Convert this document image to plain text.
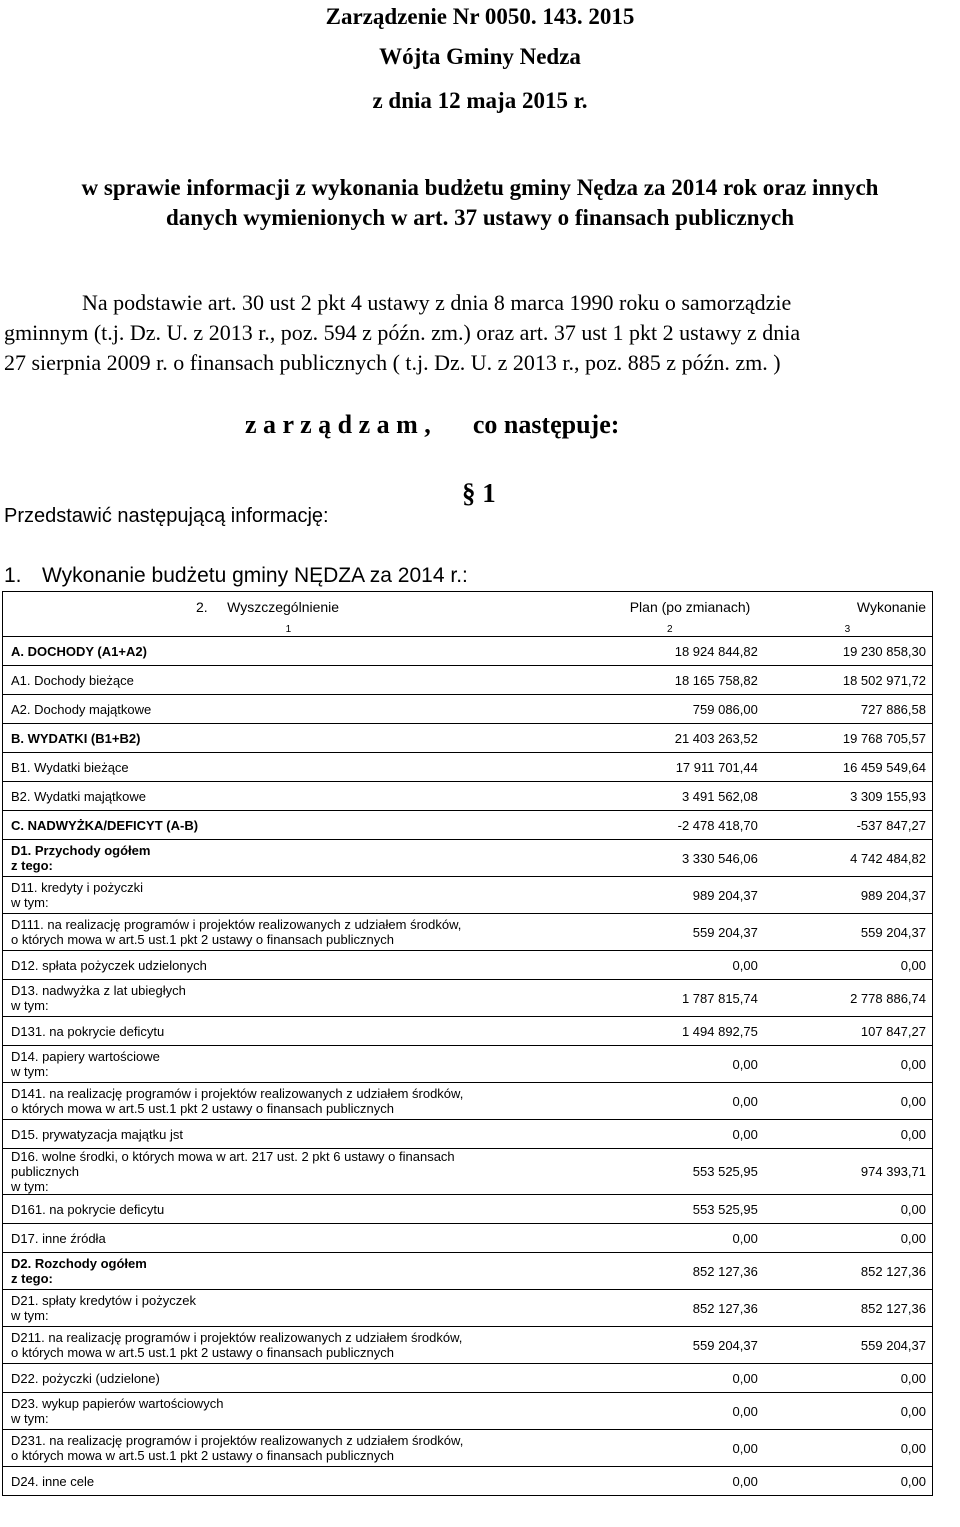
Zarządzenie Nr 0050. 143. 2015
Wójta Gminy Nedza
z dnia 12 maja 2015 r.
w sprawie informacji z wykonania budżetu gminy Nędza za 2014 rok oraz innych
danych wymienionych w art. 37 ustawy o finansach publicznych
Na podstawie art. 30 ust 2 pkt 4 ustawy z dnia 8 marca 1990 roku o samorządzie
gminnym (t.j. Dz. U. z 2013 r., poz. 594 z późn. zm.) oraz art. 37 ust 1 pkt 2 ustawy z dnia
27 sierpnia 2009 r. o finansach publicznych ( t.j. Dz. U. z 2013 r., poz. 885 z późn. zm. )
z a r z ą d z a m , co następuje:
§ 1
Przedstawić następującą informację:
1. Wykonanie budżetu gminy NĘDZA za 2014 r.:
2. Wyszczególnienie	Plan (po zmianach)	Wykonanie
1	2	3

A. DOCHODY (A1+A2)	18 924 844,82	19 230 858,30

A1. Dochody bieżące	18 165 758,82	18 502 971,72

A2. Dochody majątkowe	759 086,00	727 886,58

B. WYDATKI (B1+B2)	21 403 263,52	19 768 705,57

B1. Wydatki bieżące	17 911 701,44	16 459 549,64

B2. Wydatki majątkowe	3 491 562,08	3 309 155,93

C. NADWYŻKA/DEFICYT (A-B)	-2 478 418,70	-537 847,27

D1. Przychody ogółem
z tego:	3 330 546,06	4 742 484,82

D11. kredyty i pożyczki
w tym:	989 204,37	989 204,37

D111. na realizację programów i projektów realizowanych z udziałem środków,
o których mowa w art.5 ust.1 pkt 2 ustawy o finansach publicznych	559 204,37	559 204,37

D12. spłata pożyczek udzielonych	0,00	0,00

D13. nadwyżka z lat ubiegłych
w tym:	1 787 815,74	2 778 886,74

D131. na pokrycie deficytu	1 494 892,75	107 847,27

D14. papiery wartościowe
w tym:	0,00	0,00

D141. na realizację programów i projektów realizowanych z udziałem środków,
o których mowa w art.5 ust.1 pkt 2 ustawy o finansach publicznych	0,00	0,00

D15. prywatyzacja majątku jst	0,00	0,00

D16. wolne środki, o których mowa w art. 217 ust. 2 pkt 6 ustawy o finansach
publicznych
w tym:	553 525,95	974 393,71

D161. na pokrycie deficytu	553 525,95	0,00

D17. inne źródła	0,00	0,00

D2. Rozchody ogółem
z tego:	852 127,36	852 127,36

D21. spłaty kredytów i pożyczek
w tym:	852 127,36	852 127,36

D211. na realizację programów i projektów realizowanych z udziałem środków,
o których mowa w art.5 ust.1 pkt 2 ustawy o finansach publicznych	559 204,37	559 204,37

D22. pożyczki (udzielone)	0,00	0,00

D23. wykup papierów wartościowych
w tym:	0,00	0,00

D231. na realizację programów i projektów realizowanych z udziałem środków,
o których mowa w art.5 ust.1 pkt 2 ustawy o finansach publicznych	0,00	0,00

D24. inne cele	0,00	0,00
